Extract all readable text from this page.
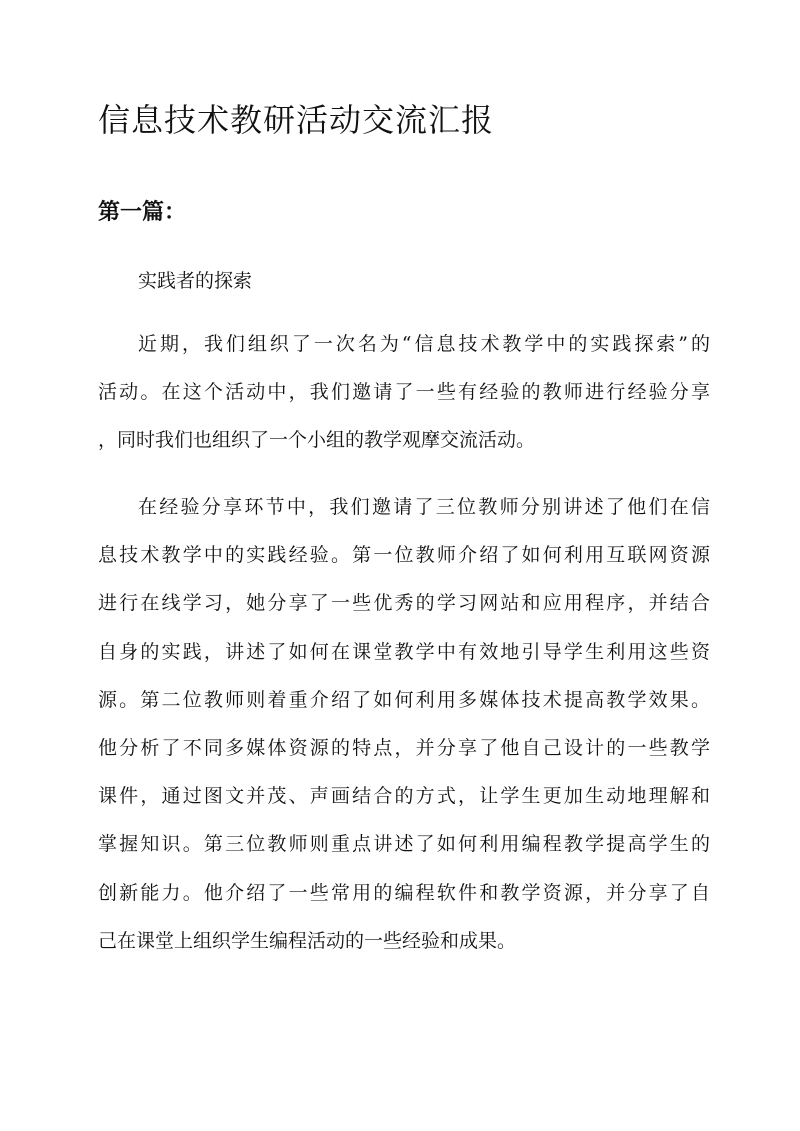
信息技术教研活动交流汇报
第一篇：

实践者的探索

近期，我们组织了一次名为“信息技术教学中的实践探索”的
活动。在这个活动中，我们邀请了一些有经验的教师进行经验分享
，同时我们也组织了一个小组的教学观摩交流活动。
在经验分享环节中，我们邀请了三位教师分别讲述了他们在信
息技术教学中的实践经验。第一位教师介绍了如何利用互联网资源
进行在线学习，她分享了一些优秀的学习网站和应用程序，并结合
自身的实践，讲述了如何在课堂教学中有效地引导学生利用这些资
源。第二位教师则着重介绍了如何利用多媒体技术提高教学效果。
他分析了不同多媒体资源的特点，并分享了他自己设计的一些教学
课件，通过图文并茂、声画结合的方式，让学生更加生动地理解和
掌握知识。第三位教师则重点讲述了如何利用编程教学提高学生的
创新能力。他介绍了一些常用的编程软件和教学资源，并分享了自
己在课堂上组织学生编程活动的一些经验和成果。
